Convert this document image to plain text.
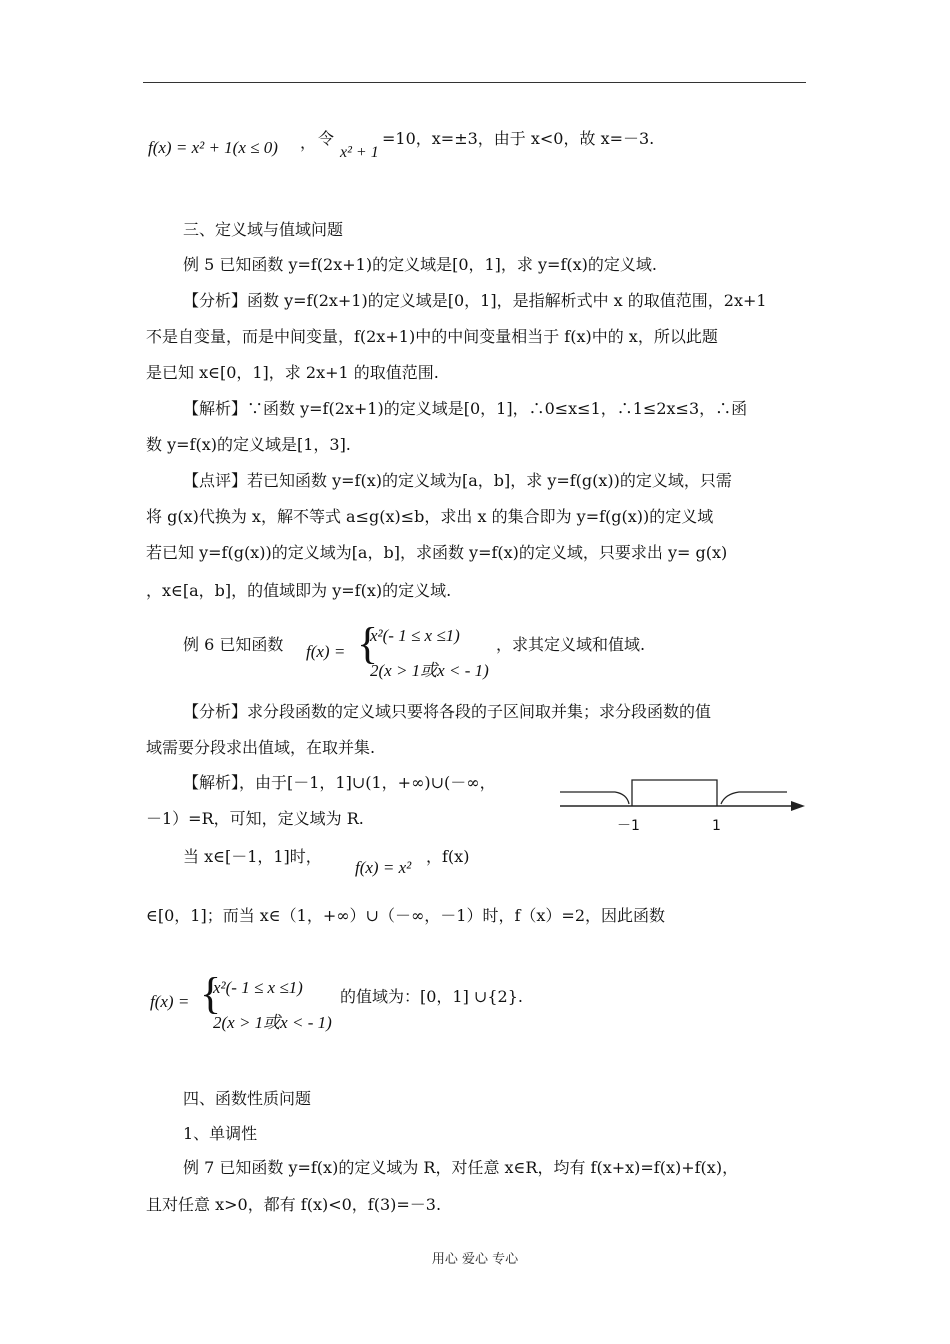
f(x) = x² + 1(x ≤ 0) ， 令
x² + 1
=10，x=±3，由于 x<0，故 x=－3.
三、定义域与值域问题
例 5 已知函数 y=f(2x+1)的定义域是[0，1]，求 y=f(x)的定义域.
【分析】函数 y=f(2x+1)的定义域是[0，1]，是指解析式中 x 的取值范围，2x+1
不是自变量，而是中间变量，f(2x+1)中的中间变量相当于 f(x)中的 x，所以此题
是已知 x∈[0，1]，求 2x+1 的取值范围.
【解析】∵函数 y=f(2x+1)的定义域是[0，1]，∴0≤x≤1，∴1≤2x≤3，∴函
数 y=f(x)的定义域是[1，3].
【点评】若已知函数 y=f(x)的定义域为[a，b]，求 y=f(g(x))的定义域，只需
将 g(x)代换为 x，解不等式 a≤g(x)≤b，求出 x 的集合即为 y=f(g(x))的定义域
若已知 y=f(g(x))的定义域为[a，b]，求函数 y=f(x)的定义域，只要求出 y= g(x)
，x∈[a，b]，的值域即为 y=f(x)的定义域.
例 6 已知函数 f(x) = {
x²(- 1 ≤ x ≤1)
2(x > 1或x < - 1)
，求其定义域和值域.
【分析】求分段函数的定义域只要将各段的子区间取并集；求分段函数的值
域需要分段求出值域，在取并集.
【解析】，由于[－1，1]∪(1，+∞)∪(－∞，
－1）=R，可知，定义域为 R.
当 x∈[－1，1]时，
f(x) = x²
，f(x)
∈[0，1]；而当 x∈（1，+∞）∪（－∞，－1）时，f（x）=2，因此函数
f(x) = {
x²(- 1 ≤ x ≤1)
2(x > 1或x < - 1)
的值域为：[0，1] ∪{2}.
－1	1
四、函数性质问题
1、单调性
例 7 已知函数 y=f(x)的定义域为 R，对任意 x∈R，均有 f(x+x)=f(x)+f(x)，
且对任意 x>0，都有 f(x)<0，f(3)=－3.
用心 爱心 专心
